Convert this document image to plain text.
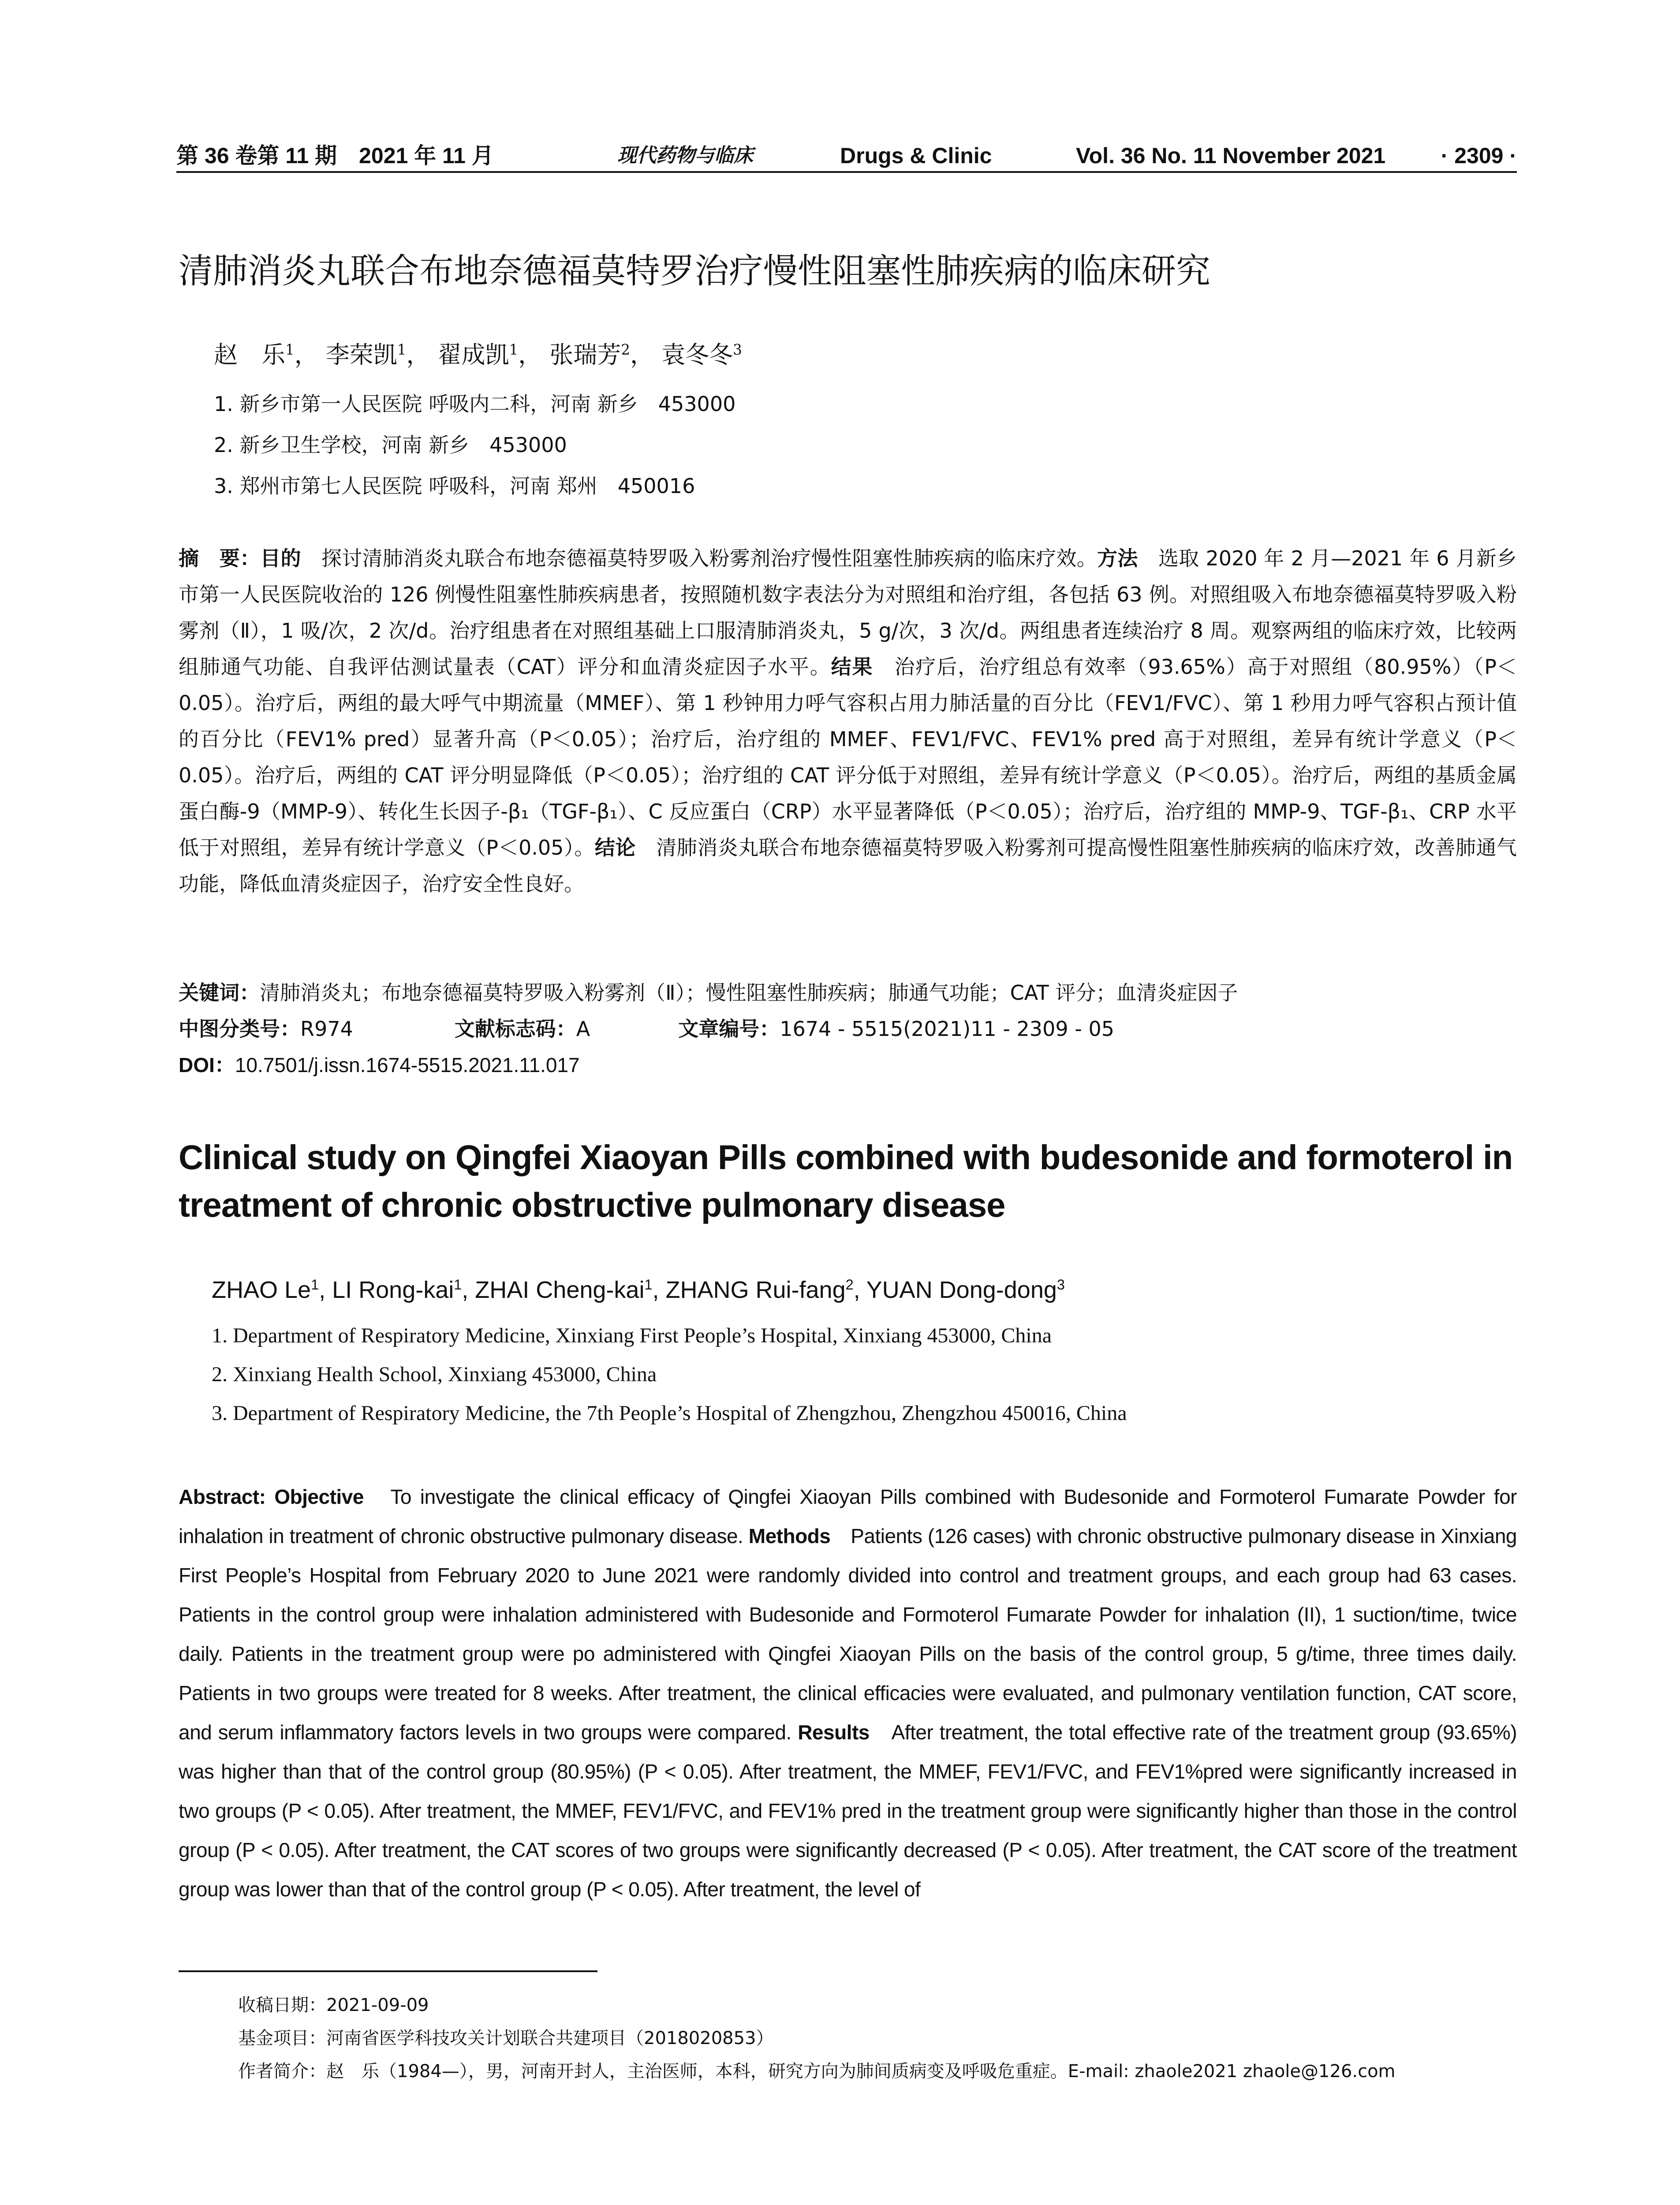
第 36 卷第 11 期　2021 年 11 月	现代药物与临床	Drugs & Clinic	Vol. 36 No. 11 November 2021	· 2309 ·
清肺消炎丸联合布地奈德福莫特罗治疗慢性阻塞性肺疾病的临床研究
赵　乐$^1$， 李荣凯$^1$， 翟成凯$^1$， 张瑞芳$^2$， 袁冬冬$^3$
1. 新乡市第一人民医院 呼吸内二科，河南 新乡　453000
2. 新乡卫生学校，河南 新乡　453000
3. 郑州市第七人民医院 呼吸科，河南 郑州　450016
摘　要：目的　探讨清肺消炎丸联合布地奈德福莫特罗吸入粉雾剂治疗慢性阻塞性肺疾病的临床疗效。方法　选取 2020 年 2 月—2021 年 6 月新乡市第一人民医院收治的 126 例慢性阻塞性肺疾病患者，按照随机数字表法分为对照组和治疗组，各包括 63 例。对照组吸入布地奈德福莫特罗吸入粉雾剂（Ⅱ），1 吸/次，2 次/d。治疗组患者在对照组基础上口服清肺消炎丸，5 g/次，3 次/d。两组患者连续治疗 8 周。观察两组的临床疗效，比较两组肺通气功能、自我评估测试量表（CAT）评分和血清炎症因子水平。结果　治疗后，治疗组总有效率（93.65%）高于对照组（80.95%）（P＜0.05）。治疗后，两组的最大呼气中期流量（MMEF）、第 1 秒钟用力呼气容积占用力肺活量的百分比（FEV1/FVC）、第 1 秒用力呼气容积占预计值的百分比（FEV1% pred）显著升高（P＜0.05）；治疗后，治疗组的 MMEF、FEV1/FVC、FEV1% pred 高于对照组，差异有统计学意义（P＜0.05）。治疗后，两组的 CAT 评分明显降低（P＜0.05）；治疗组的 CAT 评分低于对照组，差异有统计学意义（P＜0.05）。治疗后，两组的基质金属蛋白酶-9（MMP-9）、转化生长因子-β₁（TGF-β₁）、C 反应蛋白（CRP）水平显著降低（P＜0.05）；治疗后，治疗组的 MMP-9、TGF-β₁、CRP 水平低于对照组，差异有统计学意义（P＜0.05）。结论　清肺消炎丸联合布地奈德福莫特罗吸入粉雾剂可提高慢性阻塞性肺疾病的临床疗效，改善肺通气功能，降低血清炎症因子，治疗安全性良好。
关键词：清肺消炎丸；布地奈德福莫特罗吸入粉雾剂（Ⅱ）；慢性阻塞性肺疾病；肺通气功能；CAT 评分；血清炎症因子
中图分类号：R974	文献标志码：A	文章编号：1674 - 5515(2021)11 - 2309 - 05
DOI：10.7501/j.issn.1674-5515.2021.11.017
Clinical study on Qingfei Xiaoyan Pills combined with budesonide and formoterol in treatment of chronic obstructive pulmonary disease
ZHAO Le$^1$, LI Rong-kai$^1$, ZHAI Cheng-kai$^1$, ZHANG Rui-fang$^2$, YUAN Dong-dong$^3$
1. Department of Respiratory Medicine, Xinxiang First People’s Hospital, Xinxiang 453000, China
2. Xinxiang Health School, Xinxiang 453000, China
3. Department of Respiratory Medicine, the 7th People’s Hospital of Zhengzhou, Zhengzhou 450016, China
Abstract: Objective　To investigate the clinical efficacy of Qingfei Xiaoyan Pills combined with Budesonide and Formoterol Fumarate Powder for inhalation in treatment of chronic obstructive pulmonary disease. Methods　Patients (126 cases) with chronic obstructive pulmonary disease in Xinxiang First People’s Hospital from February 2020 to June 2021 were randomly divided into control and treatment groups, and each group had 63 cases. Patients in the control group were inhalation administered with Budesonide and Formoterol Fumarate Powder for inhalation (II), 1 suction/time, twice daily. Patients in the treatment group were po administered with Qingfei Xiaoyan Pills on the basis of the control group, 5 g/time, three times daily. Patients in two groups were treated for 8 weeks. After treatment, the clinical efficacies were evaluated, and pulmonary ventilation function, CAT score, and serum inflammatory factors levels in two groups were compared. Results　After treatment, the total effective rate of the treatment group (93.65%) was higher than that of the control group (80.95%) (P < 0.05). After treatment, the MMEF, FEV1/FVC, and FEV1%pred were significantly increased in two groups (P < 0.05). After treatment, the MMEF, FEV1/FVC, and FEV1% pred in the treatment group were significantly higher than those in the control group (P < 0.05). After treatment, the CAT scores of two groups were significantly decreased (P < 0.05). After treatment, the CAT score of the treatment group was lower than that of the control group (P < 0.05). After treatment, the level of
收稿日期：2021-09-09
基金项目：河南省医学科技攻关计划联合共建项目（2018020853）
作者简介：赵　乐（1984—），男，河南开封人，主治医师，本科，研究方向为肺间质病变及呼吸危重症。E-mail: zhaole2021 zhaole@126.com
